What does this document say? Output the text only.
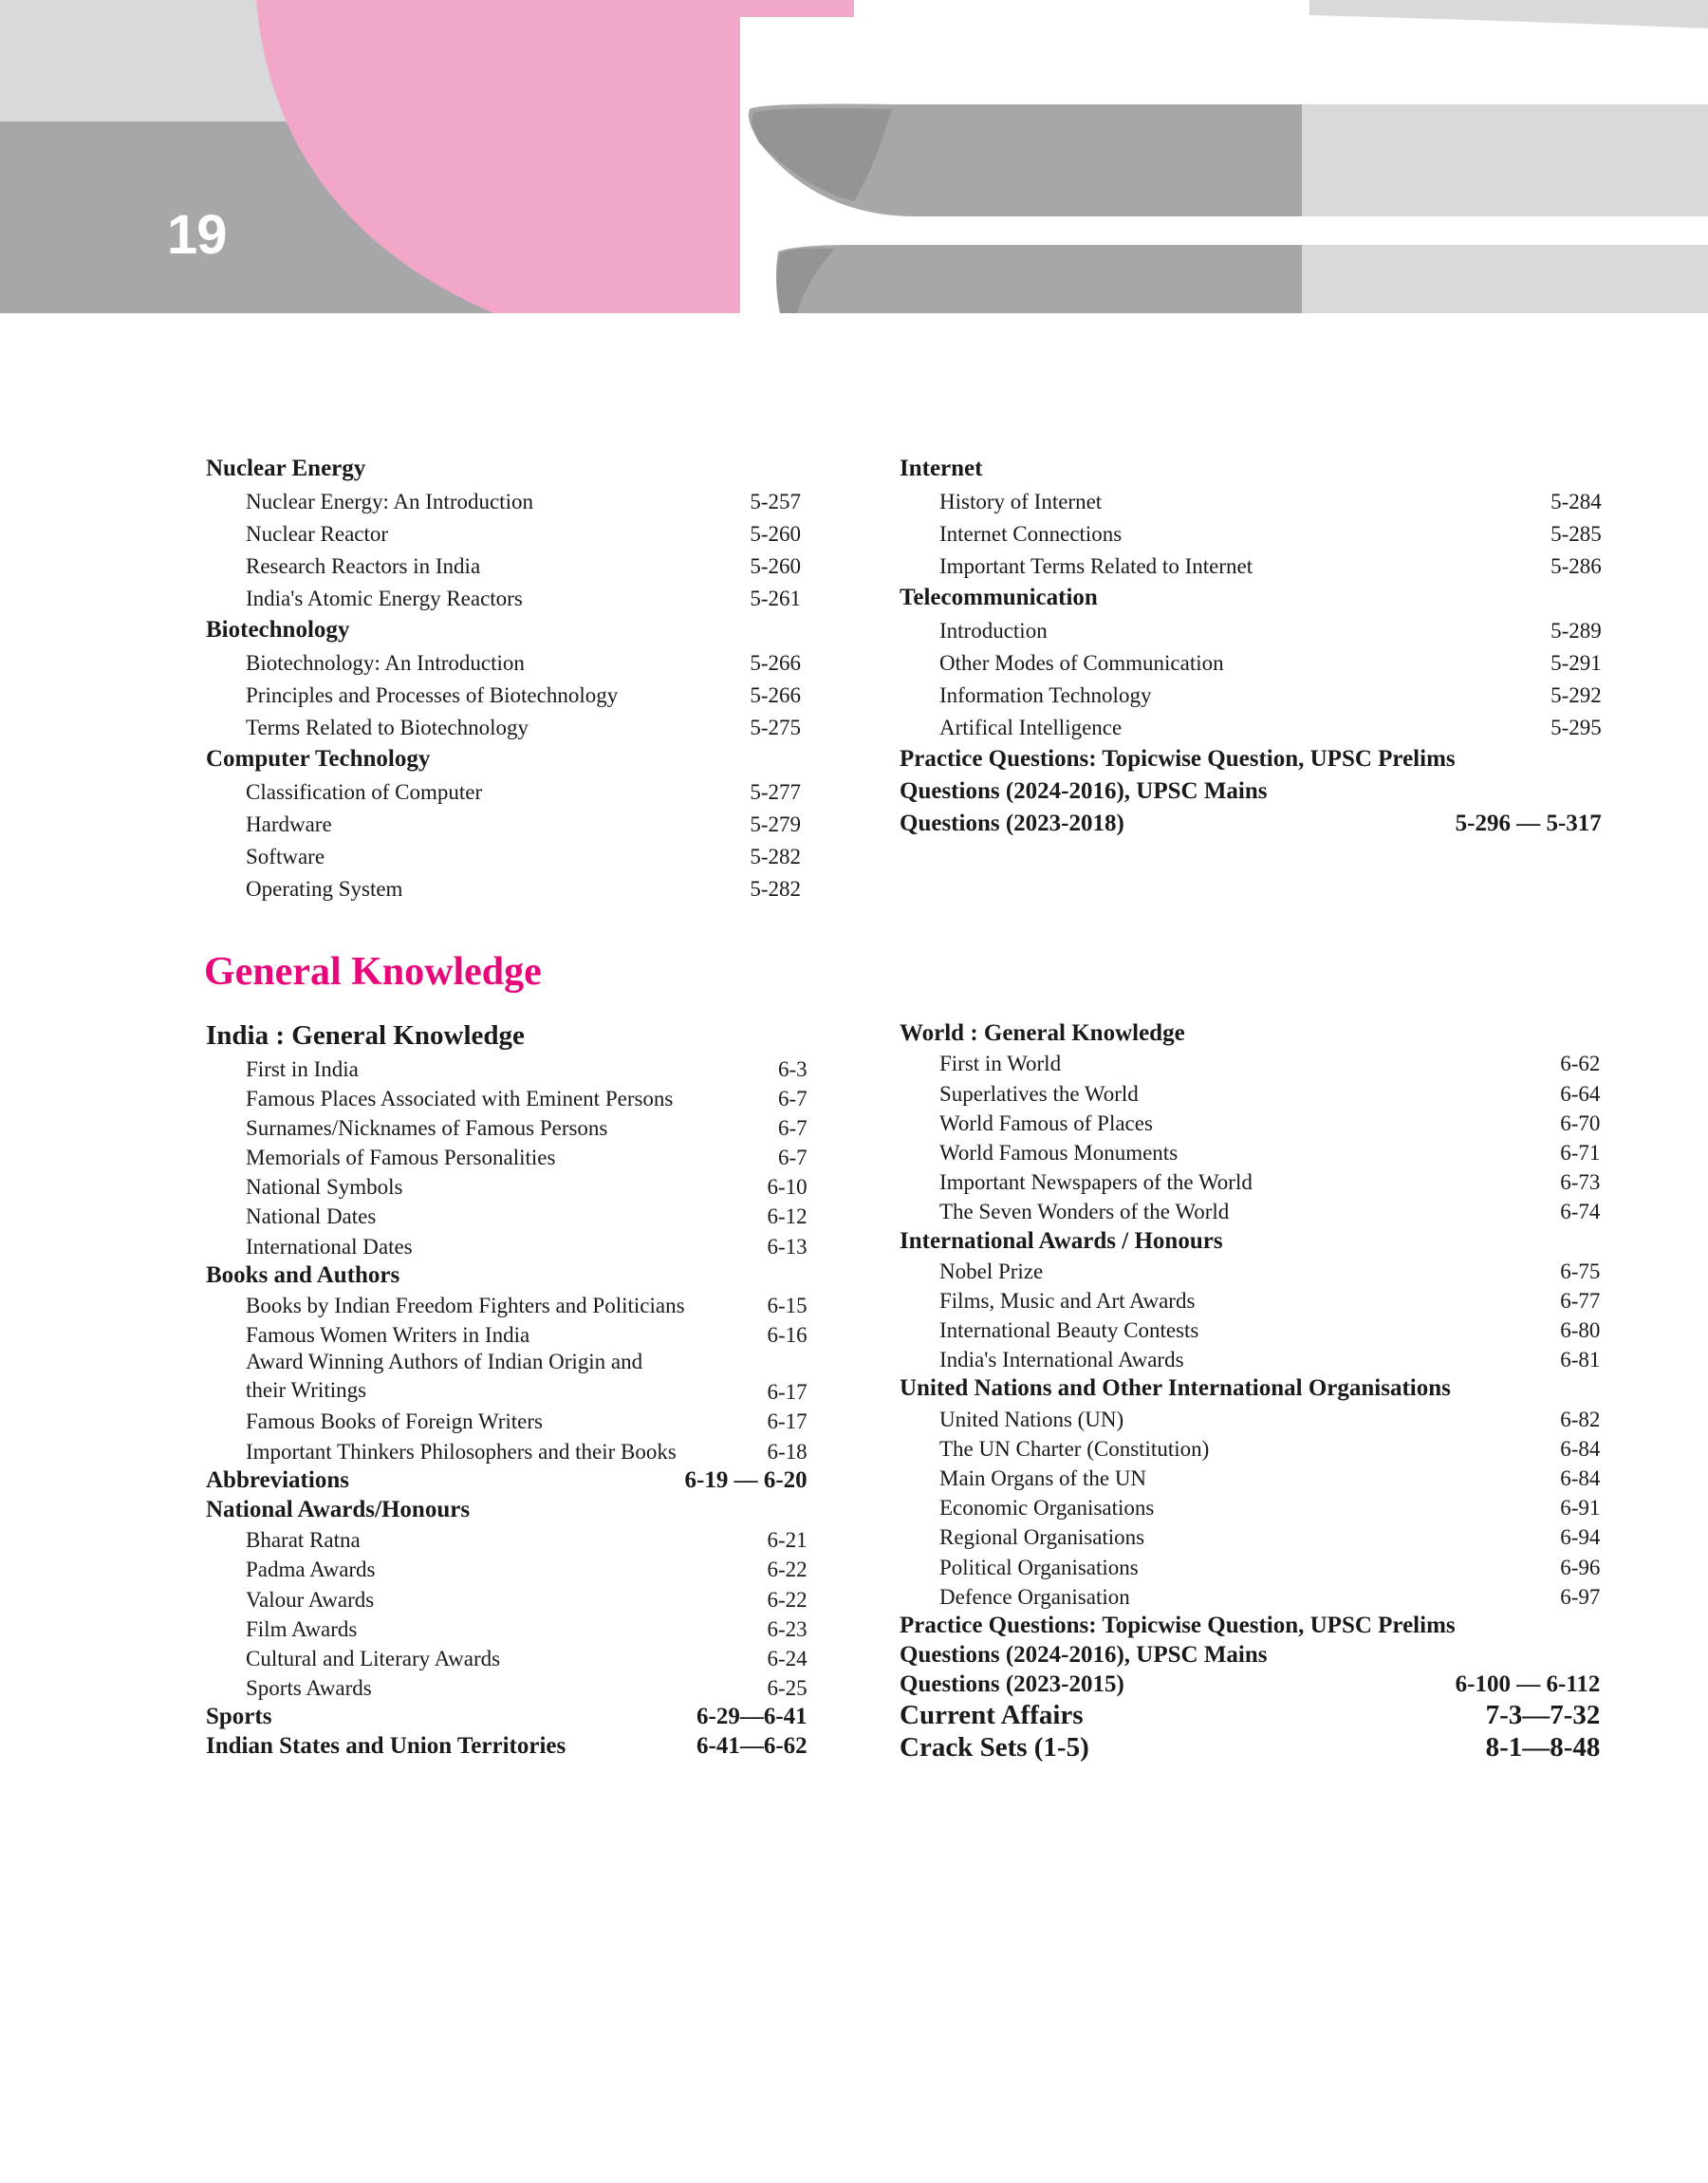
19
Nuclear Energy	
Nuclear Energy: An Introduction	5-257
Nuclear Reactor	5-260
Research Reactors in India	5-260
India's Atomic Energy Reactors	5-261
Biotechnology	
Biotechnology: An Introduction	5-266
Principles and Processes of Biotechnology	5-266
Terms Related to Biotechnology	5-275
Computer Technology	
Classification of Computer	5-277
Hardware	5-279
Software	5-282
Operating System	5-282
Internet	
History of Internet	5-284
Internet Connections	5-285
Important Terms Related to Internet	5-286
Telecommunication	
Introduction	5-289
Other Modes of Communication	5-291
Information Technology	5-292
Artifical Intelligence	5-295
Practice Questions: Topicwise Question, UPSC Prelims	
Questions (2024-2016), UPSC Mains	
Questions (2023-2018)	5-296 — 5-317
General Knowledge
India : General Knowledge	
First in India	6-3
Famous Places Associated with Eminent Persons	6-7
Surnames/Nicknames of Famous Persons	6-7
Memorials of Famous Personalities	6-7
National Symbols	6-10
National Dates	6-12
International Dates	6-13
Books and Authors	
Books by Indian Freedom Fighters and Politicians	6-15
Famous Women Writers in India	6-16
Award Winning Authors of Indian Origin and their Writings	6-17
Famous Books of Foreign Writers	6-17
Important Thinkers Philosophers and their Books	6-18
Abbreviations	6-19 — 6-20
National Awards/Honours	
Bharat Ratna	6-21
Padma Awards	6-22
Valour Awards	6-22
Film Awards	6-23
Cultural and Literary Awards	6-24
Sports Awards	6-25
Sports	6-29—6-41
Indian States and Union Territories	6-41—6-62
World : General Knowledge	
First in World	6-62
Superlatives the World	6-64
World Famous of Places	6-70
World Famous Monuments	6-71
Important Newspapers of the World	6-73
The Seven Wonders of the World	6-74
International Awards / Honours	
Nobel Prize	6-75
Films, Music and Art Awards	6-77
International Beauty Contests	6-80
India's International Awards	6-81
United Nations and Other International Organisations	
United Nations (UN)	6-82
The UN Charter (Constitution)	6-84
Main Organs of the UN	6-84
Economic Organisations	6-91
Regional Organisations	6-94
Political Organisations	6-96
Defence Organisation	6-97
Practice Questions: Topicwise Question, UPSC Prelims	
Questions (2024-2016), UPSC Mains	
Questions (2023-2015)	6-100 — 6-112
Current Affairs	7-3—7-32
Crack Sets (1-5)	8-1—8-48
